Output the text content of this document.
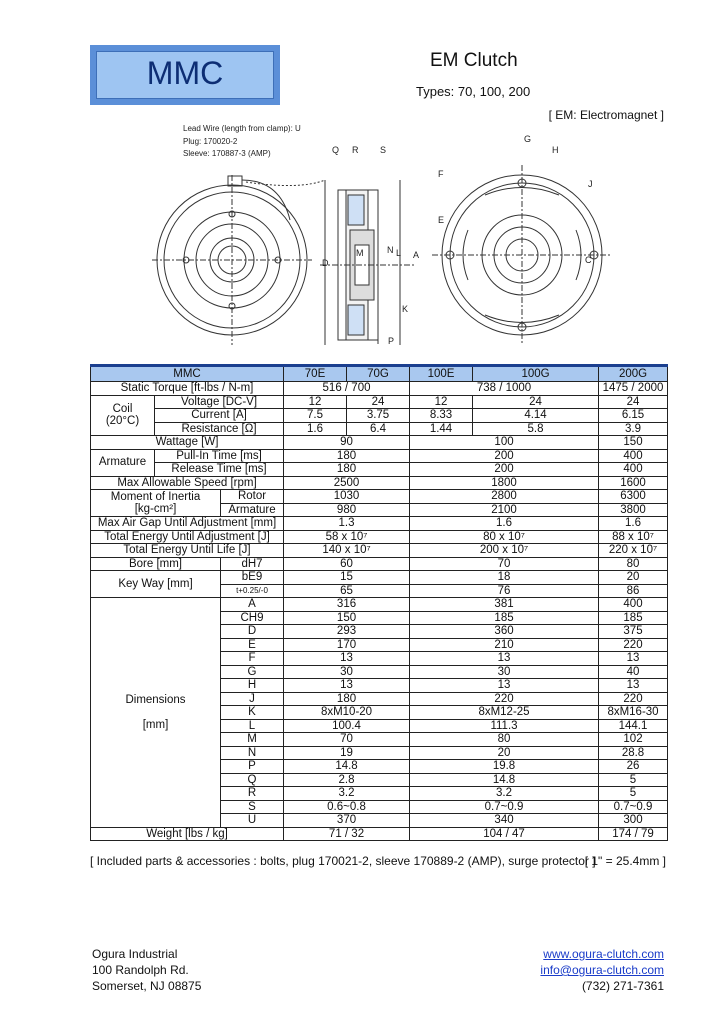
MMC	EM Clutch
Types: 70, 100, 200
[ EM: Electromagnet ]
Lead Wire (length from clamp): U
Plug: 170020-2
Sleeve: 170887-3 (AMP)	Q R S
A
N
M	L
D
K
P
G
H
F
E
J
C
MMC			70E	70G	100E	100G	200G
Static Torque [ft-lbs / N-m]			516 / 700		738 / 1000		1475 / 2000
Coil
(20°C)	Voltage [DC-V]		12	24	12	24	24
	Current [A]		7.5	3.75	8.33	4.14	6.15
	Resistance [Ω]		1.6	6.4	1.44	5.8	3.9
Wattage [W]			90		100		150
Armature	Pull-In Time [ms]		180		200		400
	Release Time [ms]		180		200		400
Max Allowable Speed [rpm]			2500		1800		1600
Moment of Inertia
[kg-cm²]		Rotor	1030		2800		6300
		Armature	980		2100		3800
Max Air Gap Until Adjustment [mm]			1.3		1.6		1.6
Total Energy Until Adjustment [J]			58 x 10⁷		80 x 10⁷		88 x 10⁷
Total Energy Until Life [J]			140 x 10⁷		200 x 10⁷		220 x 10⁷
Bore [mm]		dH7	60		70		80
Key Way [mm]		bE9	15		18		20
		t+0.25/-0	65		76		86
Dimensions

[mm]		A	316		381		400
		CH9	150		185		185
		D	293		360		375
		E	170		210		220
		F	13		13		13
		G	30		30		40
		H	13		13		13
		J	180		220		220
		K	8xM10-20		8xM12-25		8xM16-30
		L	100.4		111.3		144.1
		M	70		80		102
		N	19		20		28.8
		P	14.8		19.8		26
		Q	2.8		14.8		5
		R	3.2		3.2		5
		S	0.6~0.8		0.7~0.9		0.7~0.9
		U	370		340		300
Weight [lbs / kg]			71 / 32		104 / 47		174 / 79
[ Included parts & accessories : bolts, plug 170021-2, sleeve 170889-2 (AMP), surge protector ]
[ 1" = 25.4mm ]
Ogura Industrial
100 Randolph Rd.
Somerset, NJ 08875
www.ogura-clutch.com
info@ogura-clutch.com
(732) 271-7361
